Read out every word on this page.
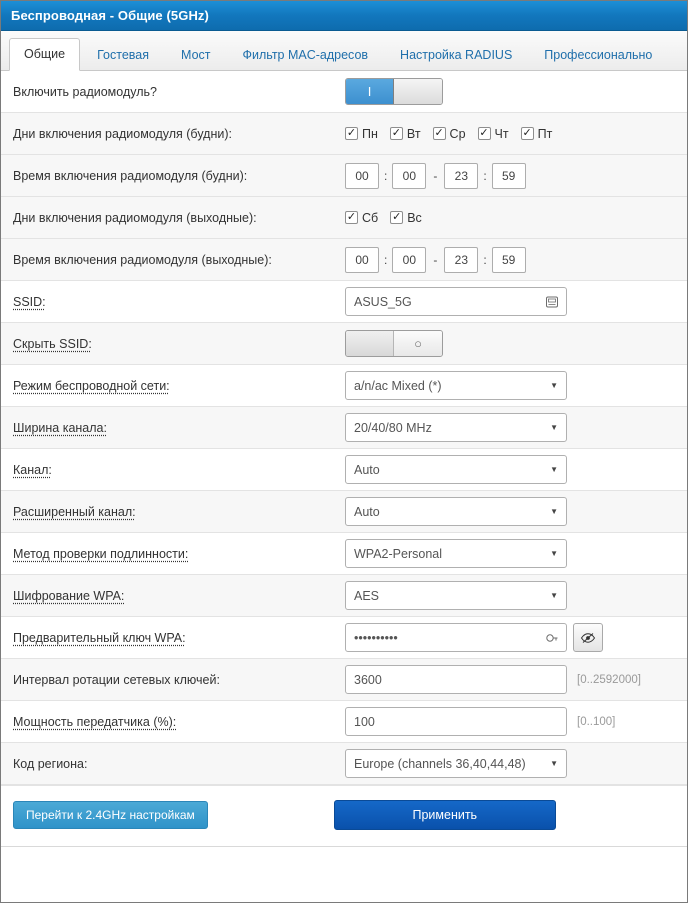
Беспроводная - Общие (5GHz)
Общие	Гостевая	Мост	Фильтр MAC-адресов	Настройка RADIUS	Профессионально
Включить радиомодуль?	I
Дни включения радиомодуля (будни):	✓ Пн ✓ Вт ✓ Ср ✓ Чт ✓ Пт
Время включения радиомодуля (будни):	00	:	00	-	23	:	59
Дни включения радиомодуля (выходные):	✓ Сб ✓ Вс
Время включения радиомодуля (выходные):	00	:	00	-	23	:	59
SSID:	ASUS_5G
Скрыть SSID:	○
Режим беспроводной сети:	a/n/ac Mixed (*)	▼
Ширина канала:	20/40/80 MHz	▼
Канал:	Auto	▼
Расширенный канал:	Auto	▼
Метод проверки подлинности:	WPA2-Personal	▼
Шифрование WPA:	AES	▼
Предварительный ключ WPA:	••••••••••
Интервал ротации сетевых ключей:	3600	[0..2592000]
Мощность передатчика (%):	100	[0..100]
Код региона:	Europe (channels 36,40,44,48)	▼
Перейти к 2.4GHz настройкам	Применить
